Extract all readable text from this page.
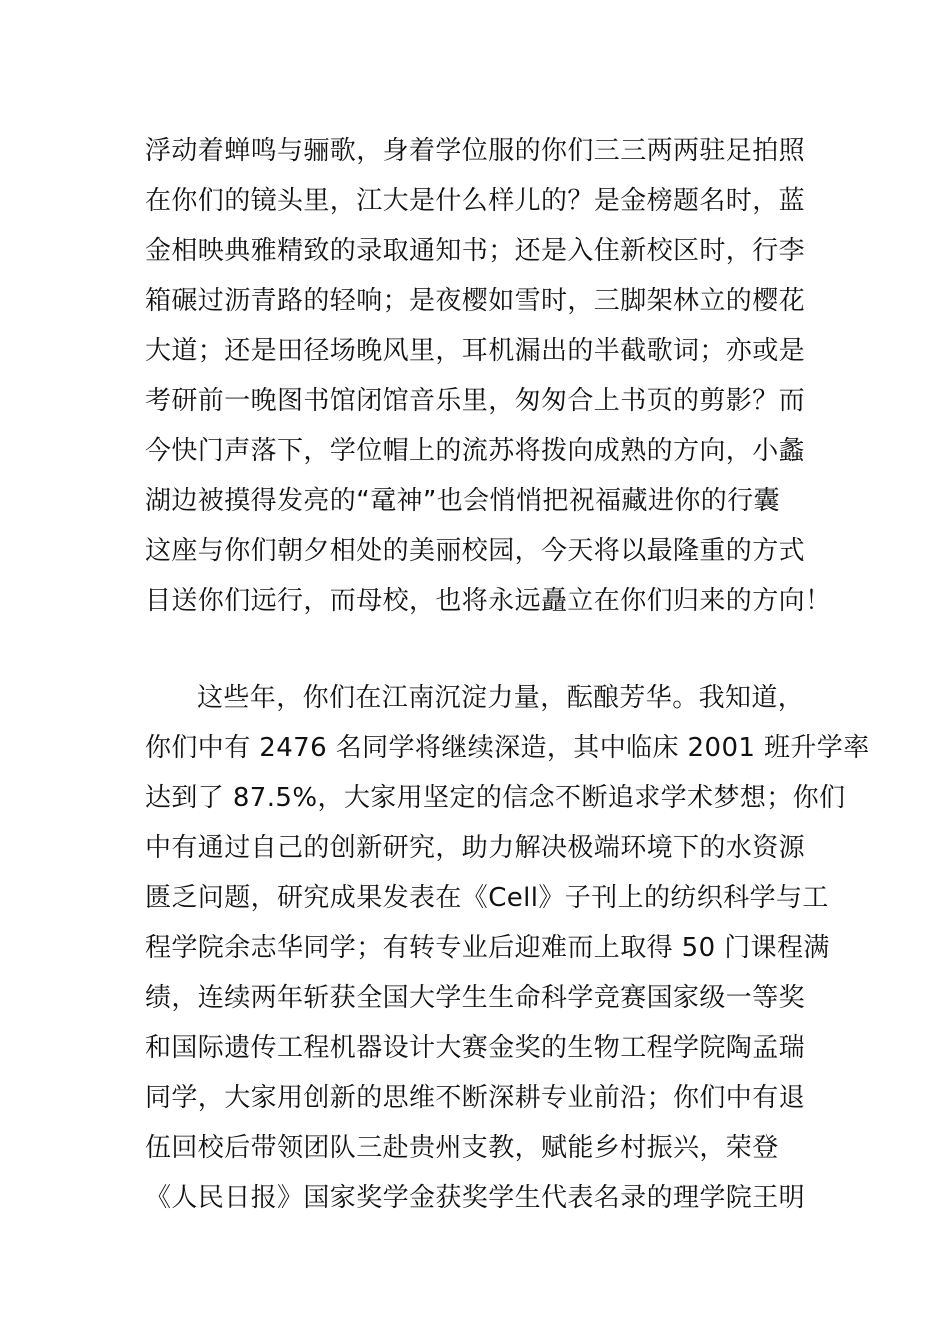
浮动着蝉鸣与骊歌，身着学位服的你们三三两两驻足拍照
在你们的镜头里，江大是什么样儿的？是金榜题名时，蓝
金相映典雅精致的录取通知书；还是入住新校区时，行李
箱碾过沥青路的轻响；是夜樱如雪时，三脚架林立的樱花
大道；还是田径场晚风里，耳机漏出的半截歌词；亦或是
考研前一晚图书馆闭馆音乐里，匆匆合上书页的剪影？而
今快门声落下，学位帽上的流苏将拨向成熟的方向，小蠡
湖边被摸得发亮的“鼋神”也会悄悄把祝福藏进你的行囊
这座与你们朝夕相处的美丽校园，今天将以最隆重的方式
目送你们远行，而母校，也将永远矗立在你们归来的方向！
这些年，你们在江南沉淀力量，酝酿芳华。我知道，
你们中有 2476 名同学将继续深造，其中临床 2001 班升学率
达到了 87.5%，大家用坚定的信念不断追求学术梦想；你们
中有通过自己的创新研究，助力解决极端环境下的水资源
匮乏问题，研究成果发表在《Cell》子刊上的纺织科学与工
程学院余志华同学；有转专业后迎难而上取得 50 门课程满
绩，连续两年斩获全国大学生生命科学竞赛国家级一等奖
和国际遗传工程机器设计大赛金奖的生物工程学院陶孟瑞
同学，大家用创新的思维不断深耕专业前沿；你们中有退
伍回校后带领团队三赴贵州支教，赋能乡村振兴，荣登
《人民日报》国家奖学金获奖学生代表名录的理学院王明
